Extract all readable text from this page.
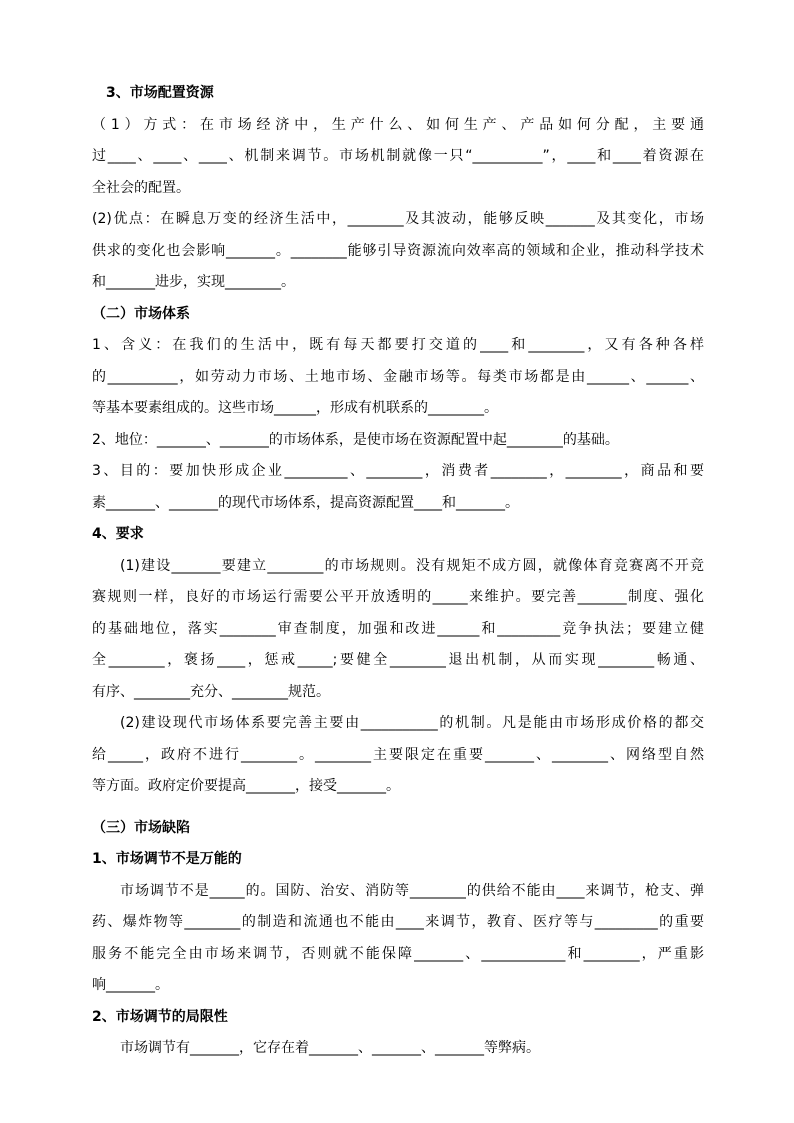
　3、市场配置资源
（1）方式：在市场经济中，生产什么、如何生产、产品如何分配，主要通
过____、____、____、机制来调节。市场机制就像一只“__________”，____和____着资源在
全社会的配置。
(2)优点：在瞬息万变的经济生活中，________及其波动，能够反映_______及其变化，市场
供求的变化也会影响_______。________能够引导资源流向效率高的领域和企业，推动科学技术
和_______进步，实现________。
（二）市场体系
1、含义：在我们的生活中，既有每天都要打交道的____和________，又有各种各样
的__________，如劳动力市场、土地市场、金融市场等。每类市场都是由______、______、
等基本要素组成的。这些市场______，形成有机联系的________。
2、地位：_______、_______的市场体系，是使市场在资源配置中起________的基础。
3、目的：要加快形成企业_________、________，消费者________，________，商品和要
素_______、_______的现代市场体系，提高资源配置____和_______。
4、要求
(1)建设_______要建立________的市场规则。没有规矩不成方圆，就像体育竞赛离不开竞
赛规则一样，良好的市场运行需要公平开放透明的_____来维护。要完善_______制度、强化
的基础地位，落实________审查制度，加强和改进______和_________竞争执法；要建立健
全________，褒扬____，惩戒_____;要健全________退出机制，从而实现________畅通、
有序、________充分、________规范。
(2)建设现代市场体系要完善主要由___________的机制。凡是能由市场形成价格的都交
给_____，政府不进行________。________主要限定在重要_______、________、网络型自然
等方面。政府定价要提高_______，接受_______。
（三）市场缺陷
1、市场调节不是万能的
市场调节不是_____的。国防、治安、消防等________的供给不能由____来调节，枪支、弹
药、爆炸物等________的制造和流通也不能由____来调节，教育、医疗等与_________的重要
服务不能完全由市场来调节，否则就不能保障_______、____________和________，严重影
响_______。
2、市场调节的局限性
市场调节有_______，它存在着_______、_______、_______等弊病。
